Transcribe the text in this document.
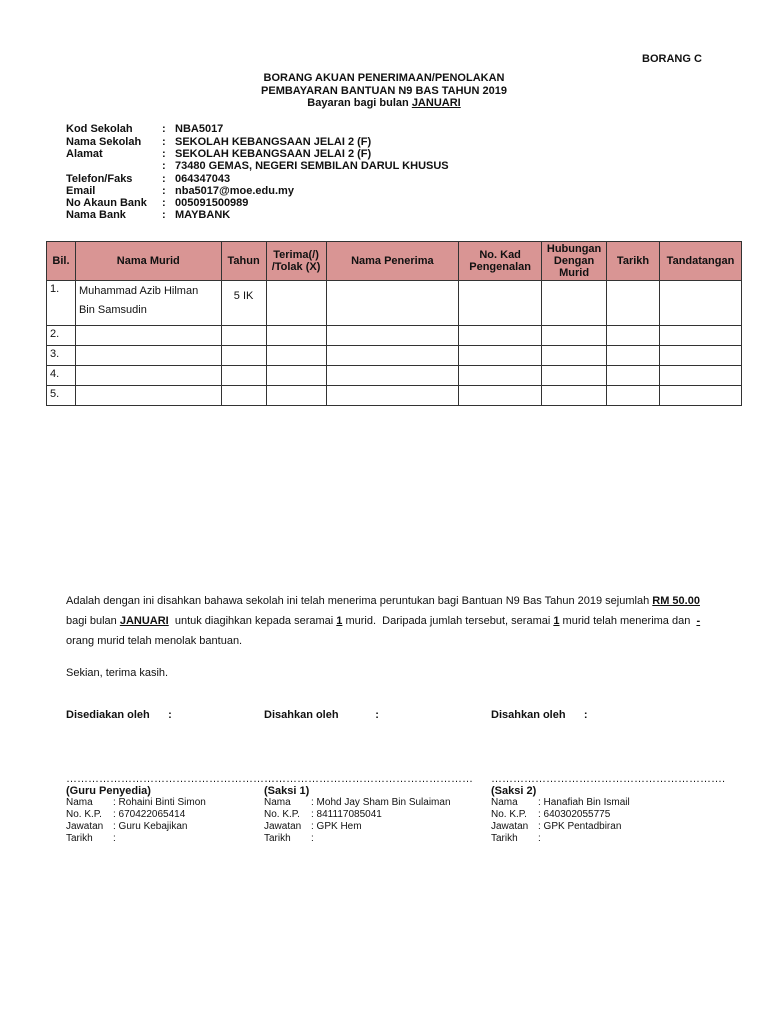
BORANG C
BORANG AKUAN PENERIMAAN/PENOLAKAN
PEMBAYARAN BANTUAN N9 BAS TAHUN 2019
Bayaran bagi bulan JANUARI
Kod Sekolah	: NBA5017
Nama Sekolah : SEKOLAH KEBANGSAAN JELAI 2 (F)
Alamat	: SEKOLAH KEBANGSAAN JELAI 2 (F)
: 73480 GEMAS, NEGERI SEMBILAN DARUL KHUSUS
Telefon/Faks	: 064347043
Email	: nba5017@moe.edu.my
No Akaun Bank : 005091500989
Nama Bank	: MAYBANK
Bil.	Nama Murid	Tahun	Terima(/) /Tolak (X)	Nama Penerima	No. Kad Pengenalan	Hubungan Dengan Murid	Tarikh	Tandatangan
1.	Muhammad Azib Hilman
Bin Samsudin	5 IK						
2.								
3.								
4.								
5.								
Adalah dengan ini disahkan bahawa sekolah ini telah menerima peruntukan bagi Bantuan N9 Bas Tahun 2019 sejumlah RM 50.00
bagi bulan JANUARI  untuk diagihkan kepada seramai 1 murid.  Daripada jumlah tersebut, seramai 1 murid telah menerima dan  -
orang murid telah menolak bantuan.
Sekian, terima kasih.
Disediakan oleh      :	Disahkan oleh            :	Disahkan oleh      :
……………………………………………………
………………………………………………… ……………………………………………………….
(Guru Penyedia)
Nama : Rohaini Binti Simon
No. K.P. : 670422065414
Jawatan : Guru Kebajikan
Tarikh :
(Saksi 1)
Nama : Mohd Jay Sham Bin Sulaiman
No. K.P. : 841117085041
Jawatan : GPK Hem
Tarikh :
(Saksi 2)
Nama : Hanafiah Bin Ismail
No. K.P. : 640302055775
Jawatan : GPK Pentadbiran
Tarikh :
